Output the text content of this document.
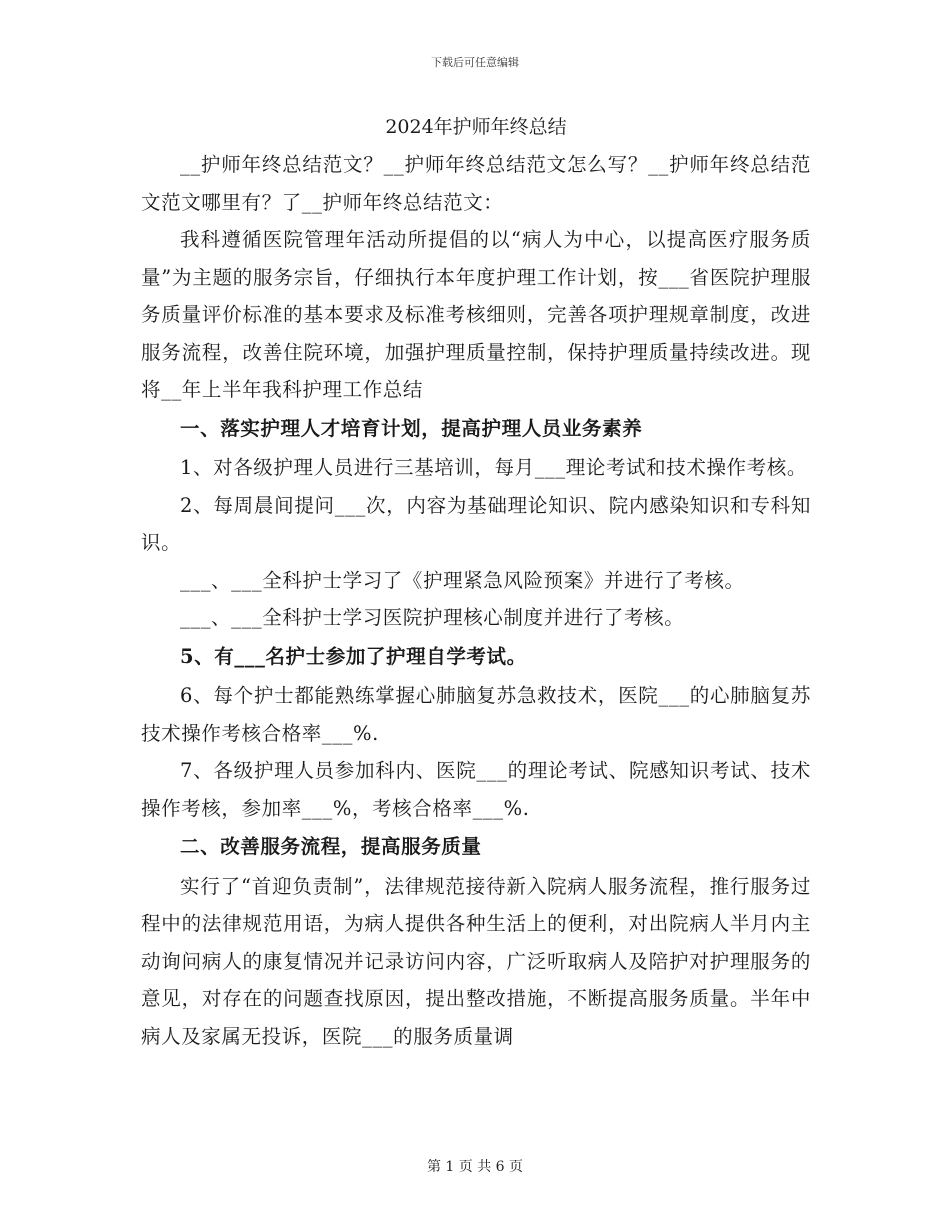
下载后可任意编辑
2024年护师年终总结

__护师年终总结范文？__护师年终总结范文怎么写？__护师年终总结范文范文哪里有？了__护师年终总结范文：

我科遵循医院管理年活动所提倡的以“病人为中心，以提高医疗服务质量”为主题的服务宗旨，仔细执行本年度护理工作计划，按___省医院护理服务质量评价标准的基本要求及标准考核细则，完善各项护理规章制度，改进服务流程，改善住院环境，加强护理质量控制，保持护理质量持续改进。现将__年上半年我科护理工作总结

一、落实护理人才培育计划，提高护理人员业务素养

1、对各级护理人员进行三基培训，每月___理论考试和技术操作考核。

2、每周晨间提问___次，内容为基础理论知识、院内感染知识和专科知识。

___、___全科护士学习了《护理紧急风险预案》并进行了考核。

___、___全科护士学习医院护理核心制度并进行了考核。

5、有___名护士参加了护理自学考试。

6、每个护士都能熟练掌握心肺脑复苏急救技术，医院___的心肺脑复苏技术操作考核合格率___%.

7、各级护理人员参加科内、医院___的理论考试、院感知识考试、技术操作考核，参加率___%，考核合格率___%.

二、改善服务流程，提高服务质量

实行了“首迎负责制”，法律规范接待新入院病人服务流程，推行服务过程中的法律规范用语，为病人提供各种生活上的便利，对出院病人半月内主动询问病人的康复情况并记录访问内容，广泛听取病人及陪护对护理服务的意见，对存在的问题查找原因，提出整改措施，不断提高服务质量。半年中病人及家属无投诉，医院___的服务质量调

第 1 页 共 6 页
